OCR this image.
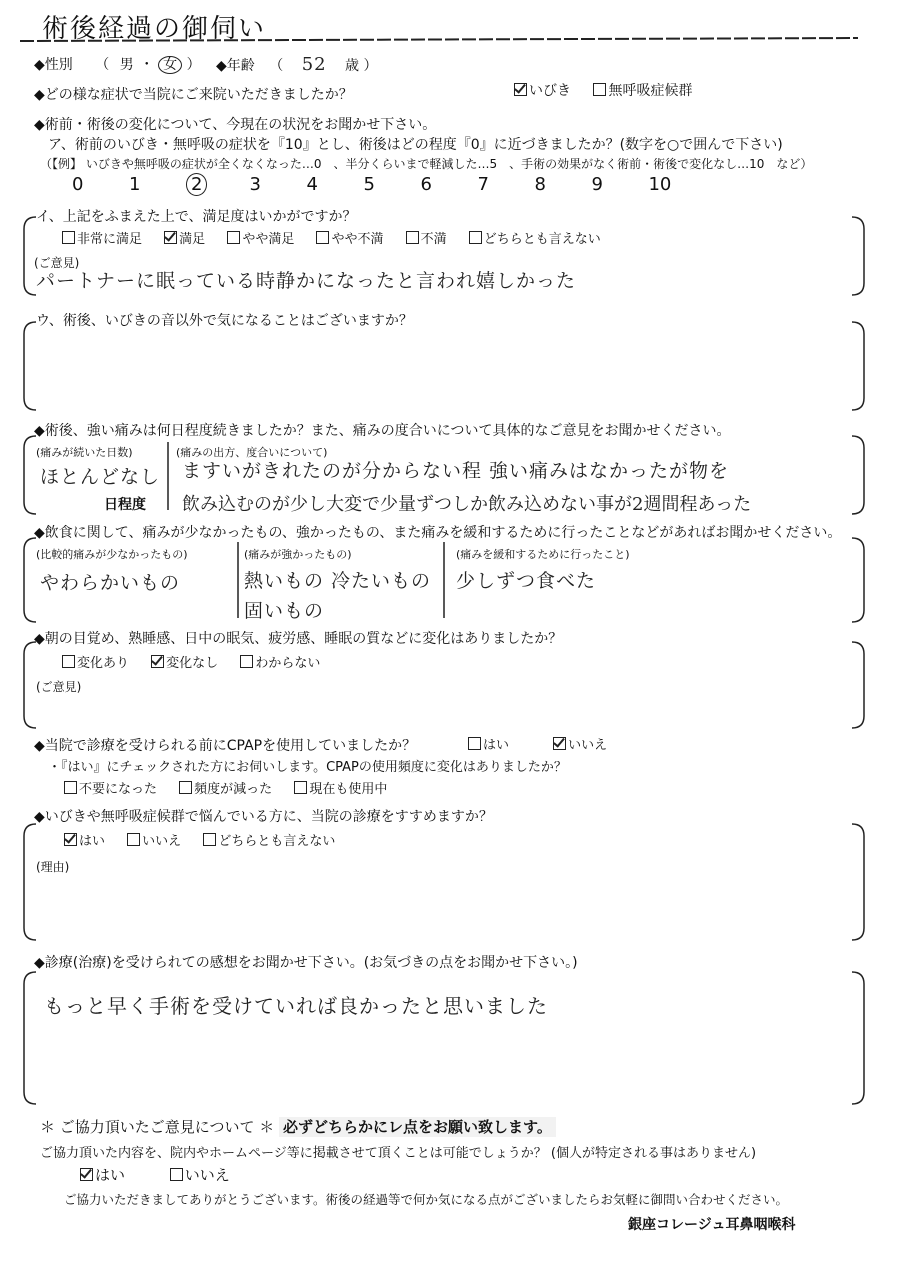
術後経過の御伺い
◆性別 （ 男 ・ 女 ） ◆年齢 （ 52 歳 ）
◆どの様な症状で当院にご来院いただきましたか？	いびき	無呼吸症候群
◆術前・術後の変化について、今現在の状況をお聞かせ下さい。
ア、術前のいびき・無呼吸の症状を『10』とし、術後はどの程度『0』に近づきましたか？(数字を○で囲んで下さい)
（【例】 いびきや無呼吸の症状が全くなくなった…0　、半分くらいまで軽減した…5　、手術の効果がなく術前・術後で変化なし…10　など）
0	1	2	3	4	5	6	7	8	9	10
イ、上記をふまえた上で、満足度はいかがですか？
非常に満足	満足	やや満足	やや不満	不満	どちらとも言えない
(ご意見)
パートナーに眠っている時静かになったと言われ嬉しかった
ウ、術後、いびきの音以外で気になることはございますか？
◆術後、強い痛みは何日程度続きましたか？また、痛みの度合いについて具体的なご意見をお聞かせください。
(痛みが続いた日数)
ほとんどなし
日程度
(痛みの出方、度合いについて)
ますいがきれたのが分からない程 強い痛みはなかったが物を
飲み込むのが少し大変で少量ずつしか飲み込めない事が2週間程あった
◆飲食に関して、痛みが少なかったもの、強かったもの、また痛みを緩和するために行ったことなどがあればお聞かせください。
(比較的痛みが少なかったもの)
やわらかいもの
(痛みが強かったもの)
熱いもの 冷たいもの
固いもの
(痛みを緩和するために行ったこと)
少しずつ食べた
◆朝の目覚め、熟睡感、日中の眠気、疲労感、睡眠の質などに変化はありましたか？
変化あり	変化なし	わからない
(ご意見)
◆当院で診療を受けられる前にCPAPを使用していましたか？	はい	いいえ
・『はい』にチェックされた方にお伺いします。CPAPの使用頻度に変化はありましたか？
不要になった	頻度が減った	現在も使用中
◆いびきや無呼吸症候群で悩んでいる方に、当院の診療をすすめますか？
はい	いいえ	どちらとも言えない
(理由)
◆診療(治療)を受けられての感想をお聞かせ下さい。(お気づきの点をお聞かせ下さい。)
もっと早く手術を受けていれば良かったと思いました
＊ ご協力頂いたご意見について ＊ 必ずどちらかにレ点をお願い致します。
ご協力頂いた内容を、院内やホームページ等に掲載させて頂くことは可能でしょうか？ (個人が特定される事はありません)
はい	いいえ
ご協力いただきましてありがとうございます。術後の経過等で何か気になる点がございましたらお気軽に御問い合わせください。
銀座コレージュ耳鼻咽喉科
